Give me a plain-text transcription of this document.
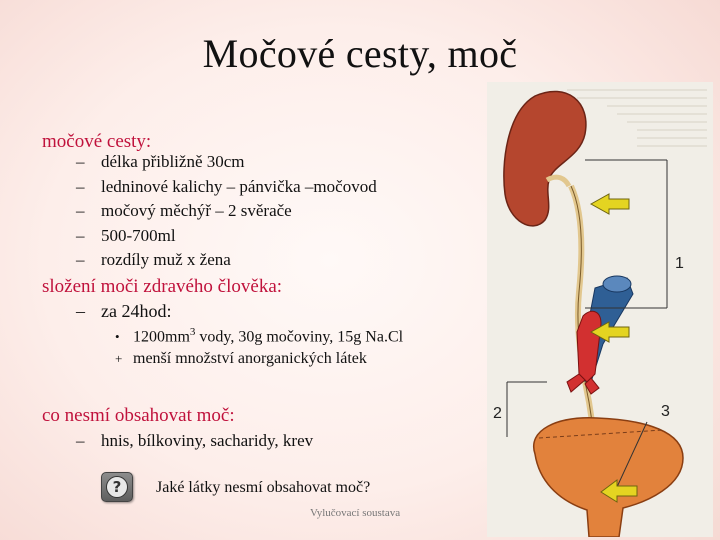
Močové cesty, moč
močové cesty:
– délka přibližně 30cm
– ledninové kalichy – pánvička –močovod
– močový měchýř – 2 svěrače
– 500-700ml
– rozdíly muž x žena
složení moči zdravého člověka:
– za 24hod:
• $1200mm^3$ vody, 30g močoviny, 15g Na.Cl
+ menší množství anorganických látek
co nesmí obsahovat moč:
– hnis, bílkoviny, sacharidy, krev
?	Jaké látky nesmí obsahovat moč?
Vylučovací soustava
1
2	3
